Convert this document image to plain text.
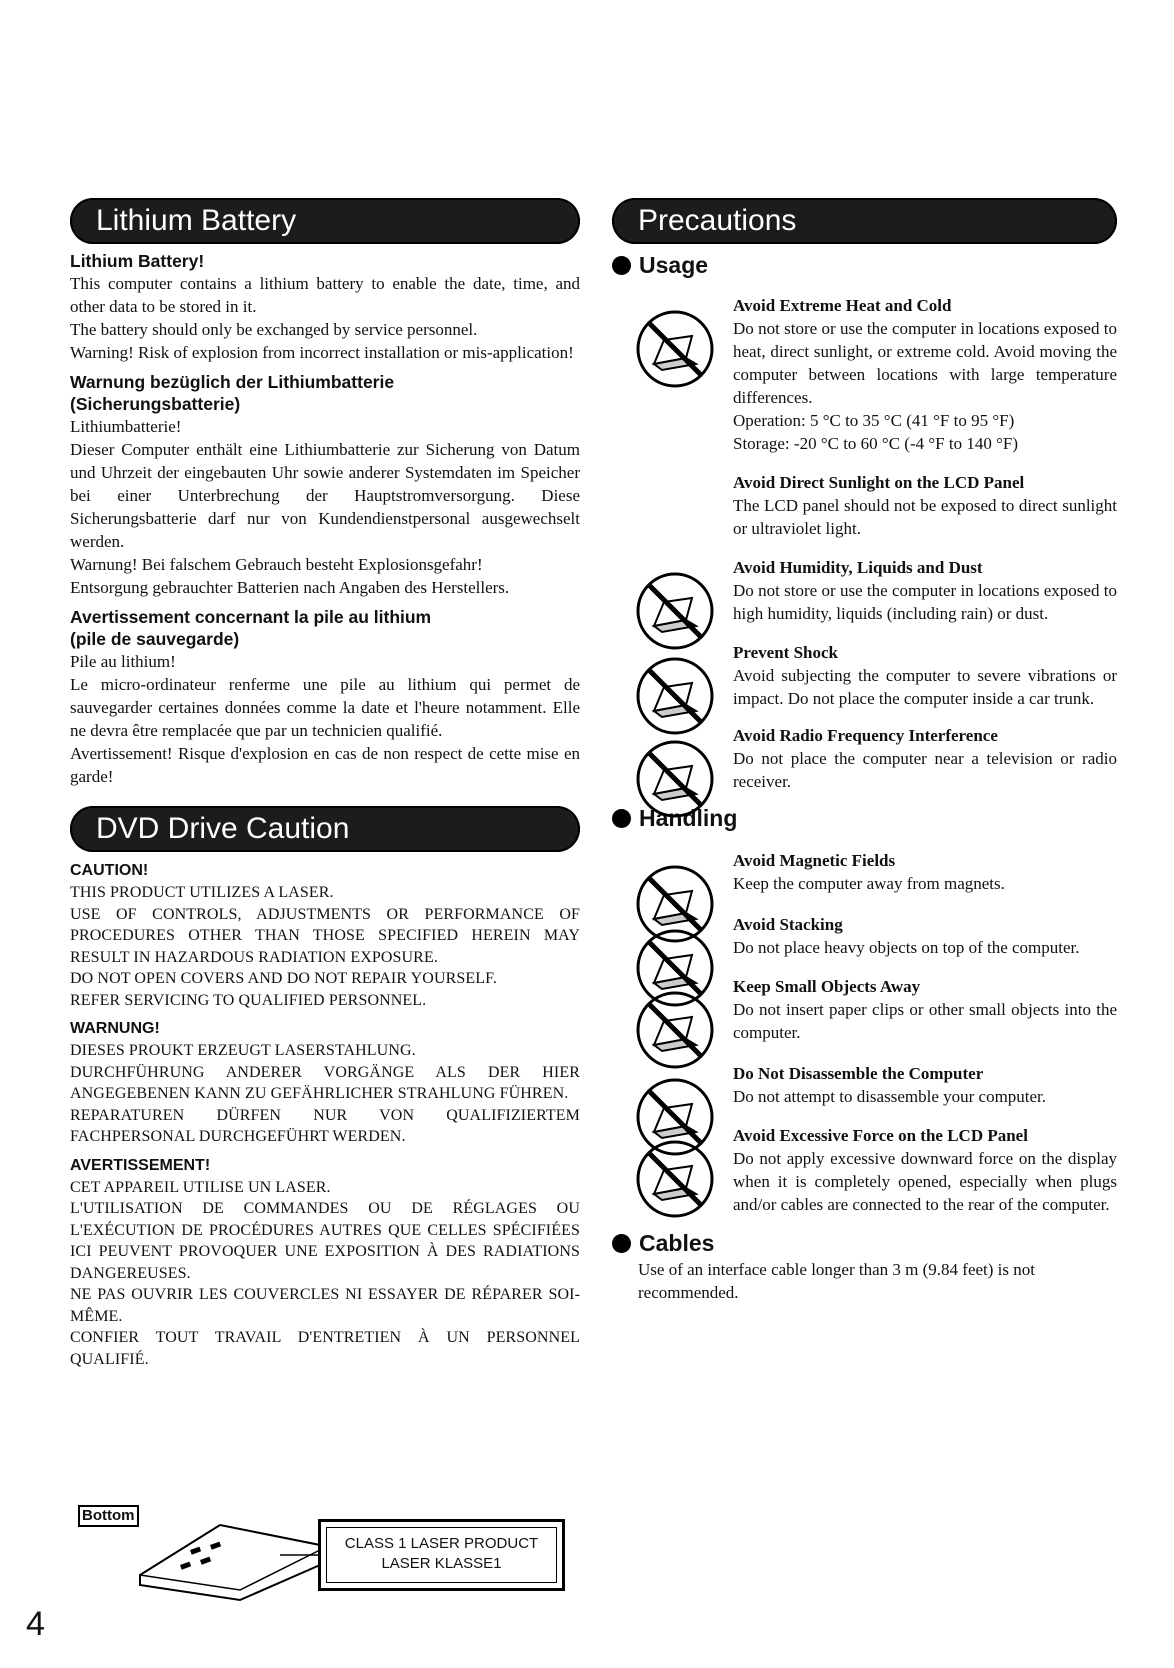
Lithium Battery

Lithium Battery!

This computer contains a lithium battery to enable the date, time, and other data to be stored in it.

The battery should only be exchanged by service personnel.

Warning! Risk of explosion from incorrect installation or mis-application!

Warnung bezüglich der Lithiumbatterie

(Sicherungsbatterie)

Lithiumbatterie!

Dieser Computer enthält eine Lithiumbatterie zur Sicherung von Datum und Uhrzeit der eingebauten Uhr sowie anderer Systemdaten im Speicher bei einer Unterbrechung der Hauptstromversorgung. Diese Sicherungsbatterie darf nur von Kundendienstpersonal ausgewechselt werden.

Warnung! Bei falschem Gebrauch besteht Explosionsgefahr!

Entsorgung gebrauchter Batterien nach Angaben des Herstellers.

Avertissement concernant la pile au lithium

(pile de sauvegarde)

Pile au lithium!

Le micro-ordinateur renferme une pile au lithium qui permet de sauvegarder certaines données comme la date et l'heure notamment. Elle ne devra être remplacée que par un technicien qualifié.

Avertissement! Risque d'explosion en cas de non respect de cette mise en garde!

DVD Drive Caution

CAUTION!

THIS PRODUCT UTILIZES A LASER.

USE OF CONTROLS, ADJUSTMENTS OR PERFORMANCE OF PROCEDURES OTHER THAN THOSE SPECIFIED HEREIN MAY RESULT IN HAZARDOUS RADIATION EXPOSURE.

DO NOT OPEN COVERS AND DO NOT REPAIR YOURSELF.

REFER SERVICING TO QUALIFIED PERSONNEL.

WARNUNG!

DIESES PROUKT ERZEUGT LASERSTAHLUNG.

DURCHFÜHRUNG ANDERER VORGÄNGE ALS DER HIER ANGEGEBENEN KANN ZU GEFÄHRLICHER STRAHLUNG FÜHREN.

REPARATUREN DÜRFEN NUR VON QUALIFIZIERTEM FACHPERSONAL DURCHGEFÜHRT WERDEN.

AVERTISSEMENT!

CET APPAREIL UTILISE UN LASER.

L'UTILISATION DE COMMANDES OU DE RÉGLAGES OU L'EXÉCUTION DE PROCÉDURES AUTRES QUE CELLES SPÉCIFIÉES ICI PEUVENT PROVOQUER UNE EXPOSITION À DES RADIATIONS DANGEREUSES.

NE PAS OUVRIR LES COUVERCLES NI ESSAYER DE RÉPARER SOI-MÊME.

CONFIER TOUT TRAVAIL D'ENTRETIEN À UN PERSONNEL QUALIFIÉ.

Bottom
CLASS 1 LASER PRODUCT
LASER KLASSE1
Precautions
Usage

Avoid Extreme Heat and Cold

Do not store or use the computer in locations exposed to heat, direct sunlight, or extreme cold. Avoid moving the computer between locations with large temperature differences.

Operation: 5 °C to 35 °C (41 °F to 95 °F)

Storage: -20 °C to 60 °C (-4 °F to 140 °F)

Avoid Direct Sunlight on the LCD Panel

The LCD panel should not be exposed to direct sunlight or ultraviolet light.

Avoid Humidity, Liquids and Dust

Do not store or use the computer in locations exposed to high humidity, liquids (including rain) or dust.

Prevent Shock

Avoid subjecting the computer to severe vibrations or impact. Do not place the computer inside a car trunk.

Avoid Radio Frequency Interference

Do not place the computer near a television or radio receiver.

Handling

Avoid Magnetic Fields

Keep the computer away from magnets.

Avoid Stacking

Do not place heavy objects on top of the computer.

Keep Small Objects Away

Do not insert paper clips or other small objects into the computer.

Do Not Disassemble the Computer

Do not attempt to disassemble your computer.

Avoid Excessive Force on the LCD Panel

Do not apply excessive downward force on the display when it is completely opened, especially when plugs and/or cables are connected to the rear of the computer.

Cables

Use of an interface cable longer than 3 m (9.84 feet) is not recommended.

4
